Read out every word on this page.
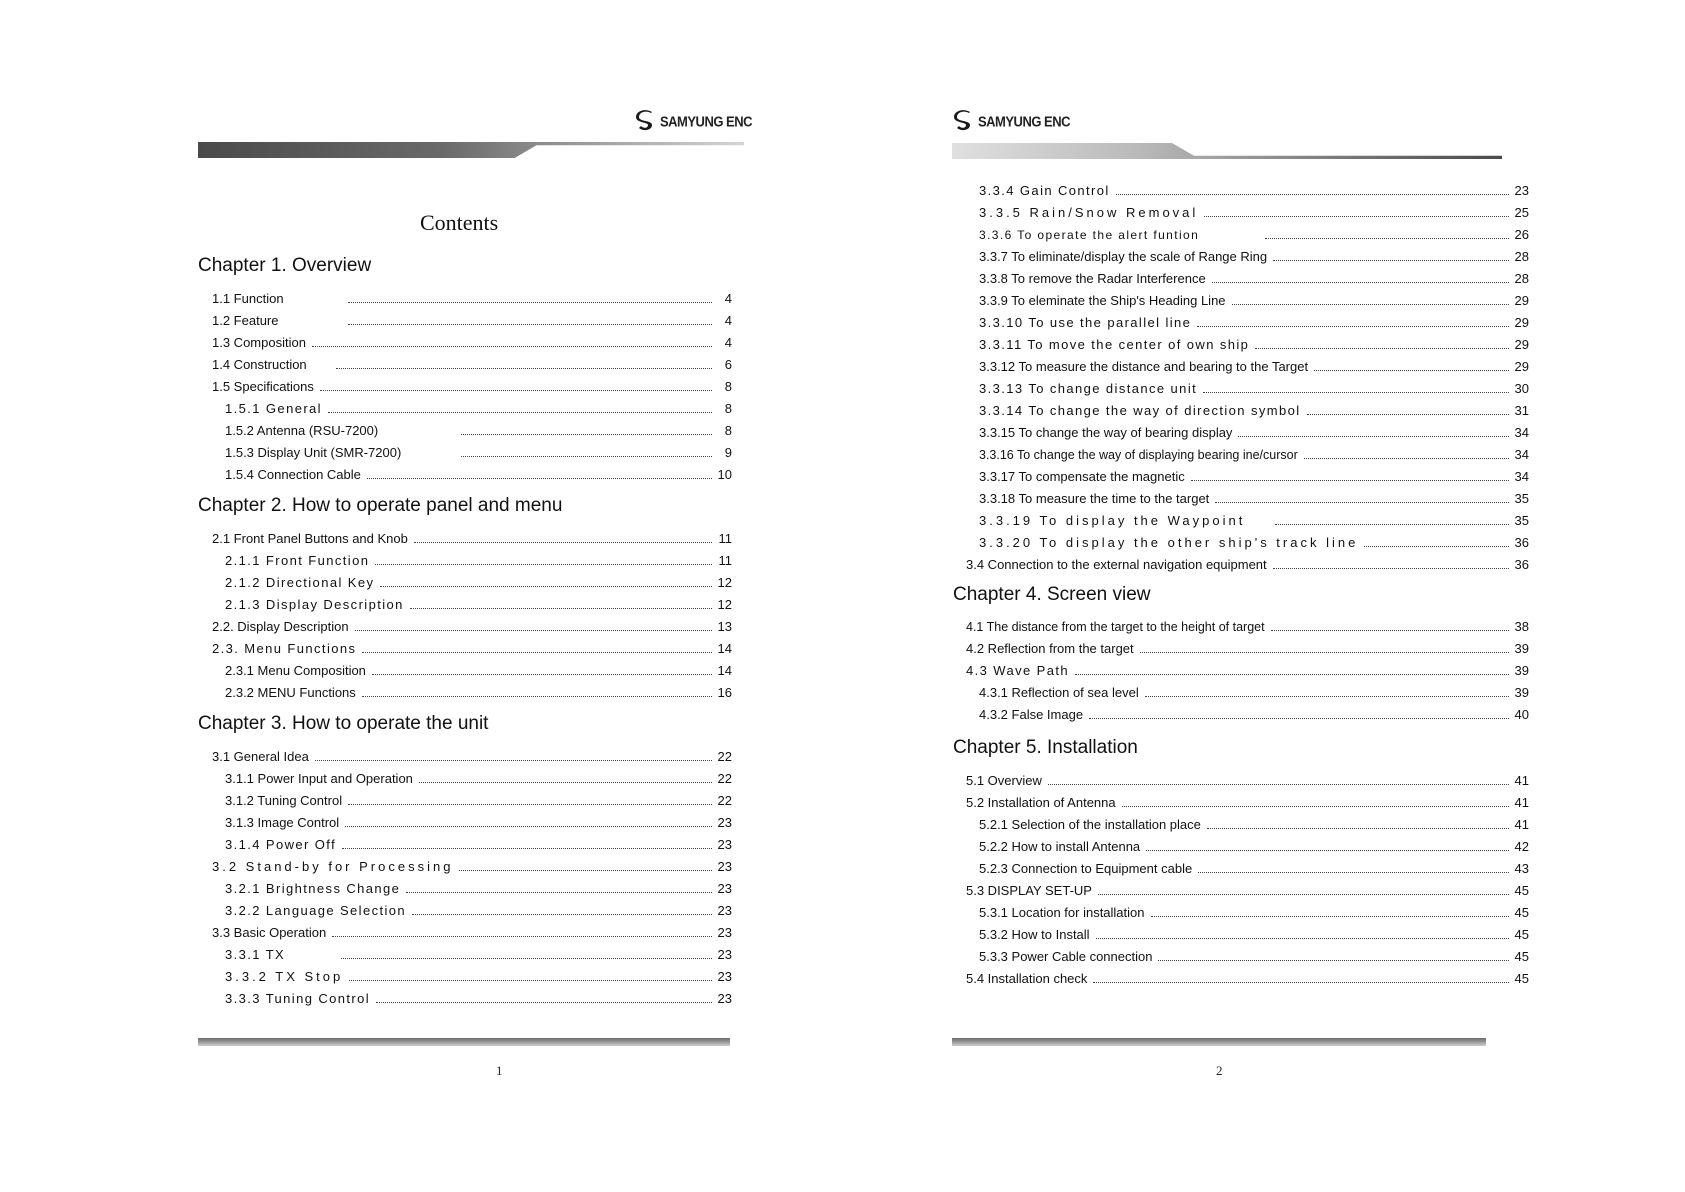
SAMYUNG ENC
Contents
Chapter 1. Overview
1.1 Function	4
1.2 Feature	4
1.3 Composition	4
1.4 Construction	6
1.5 Specifications	8
1.5.1 General	8
1.5.2 Antenna (RSU-7200)	8
1.5.3 Display Unit (SMR-7200)	9
1.5.4 Connection Cable	10
Chapter 2. How to operate panel and menu
2.1 Front Panel Buttons and Knob	11
2.1.1 Front Function	11
2.1.2 Directional Key	12
2.1.3 Display Description	12
2.2. Display Description	13
2.3. Menu Functions	14
2.3.1 Menu Composition	14
2.3.2 MENU Functions	16
Chapter 3. How to operate the unit
3.1 General Idea	22
3.1.1 Power Input and Operation	22
3.1.2 Tuning Control	22
3.1.3 Image Control	23
3.1.4 Power Off	23
3.2 Stand-by for Processing	23
3.2.1 Brightness Change	23
3.2.2 Language Selection	23
3.3 Basic Operation	23
3.3.1 TX	23
3.3.2 TX Stop	23
3.3.3 Tuning Control	23
1
SAMYUNG ENC
3.3.4 Gain Control	23
3.3.5 Rain/Snow Removal	25
3.3.6 To operate the alert funtion	26
3.3.7 To eliminate/display the scale of Range Ring	28
3.3.8 To remove the Radar Interference	28
3.3.9 To eleminate the Ship's Heading Line	29
3.3.10 To use the parallel line	29
3.3.11 To move the center of own ship	29
3.3.12 To measure the distance and bearing to the Target	29
3.3.13 To change distance unit	30
3.3.14 To change the way of direction symbol	31
3.3.15 To change the way of bearing display	34
3.3.16 To change the way of displaying bearing ine/cursor	34
3.3.17 To compensate the magnetic	34
3.3.18 To measure the time to the target	35
3.3.19 To display the Waypoint	35
3.3.20 To display the other ship's track line	36
3.4 Connection to the external navigation equipment	36
Chapter 4. Screen view
4.1 The distance from the target to the height of target	38
4.2 Reflection from the target	39
4.3 Wave Path	39
4.3.1 Reflection of sea level	39
4.3.2 False Image	40
Chapter 5. Installation
5.1 Overview	41
5.2 Installation of Antenna	41
5.2.1 Selection of the installation place	41
5.2.2 How to install Antenna	42
5.2.3 Connection to Equipment cable	43
5.3 DISPLAY SET-UP	45
5.3.1 Location for installation	45
5.3.2 How to Install	45
5.3.3 Power Cable connection	45
5.4 Installation check	45
2
